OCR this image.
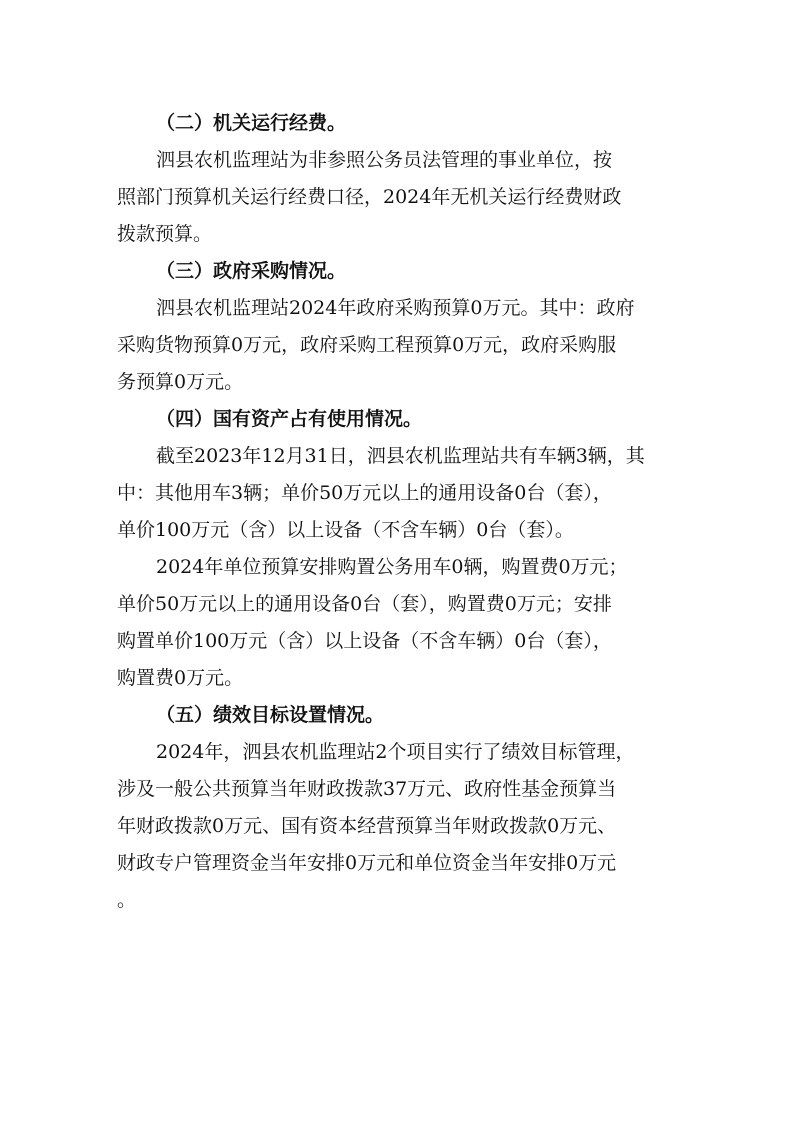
（二）机关运行经费。
泗县农机监理站为非参照公务员法管理的事业单位，按
照部门预算机关运行经费口径，2024年无机关运行经费财政
拨款预算。
（三）政府采购情况。
泗县农机监理站2024年政府采购预算0万元。其中：政府
采购货物预算0万元，政府采购工程预算0万元，政府采购服
务预算0万元。
（四）国有资产占有使用情况。
截至2023年12月31日，泗县农机监理站共有车辆3辆，其
中：其他用车3辆；单价50万元以上的通用设备0台（套），
单价100万元（含）以上设备（不含车辆）0台（套）。
2024年单位预算安排购置公务用车0辆，购置费0万元；
单价50万元以上的通用设备0台（套），购置费0万元；安排
购置单价100万元（含）以上设备（不含车辆）0台（套），
购置费0万元。
（五）绩效目标设置情况。
2024年，泗县农机监理站2个项目实行了绩效目标管理，
涉及一般公共预算当年财政拨款37万元、政府性基金预算当
年财政拨款0万元、国有资本经营预算当年财政拨款0万元、
财政专户管理资金当年安排0万元和单位资金当年安排0万元
。
